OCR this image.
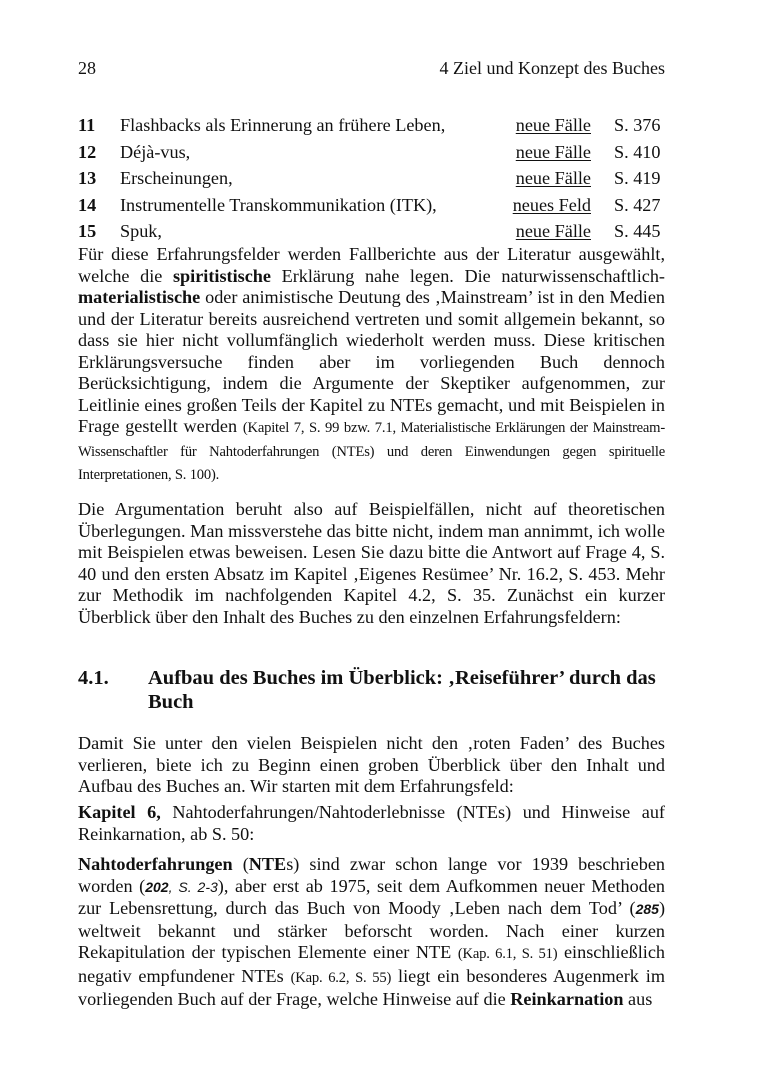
28	4 Ziel und Konzept des Buches
11 Flashbacks als Erinnerung an frühere Leben,	neue Fälle S. 376
12 Déjà-vus,	neue Fälle S. 410
13 Erscheinungen,	neue Fälle S. 419
14 Instrumentelle Transkommunikation (ITK),	neues Feld S. 427
15 Spuk,	neue Fälle S. 445

Für diese Erfahrungsfelder werden Fallberichte aus der Literatur ausgewählt, welche die spiritistische Erklärung nahe legen. Die naturwissenschaftlich-materialistische oder animistische Deutung des ‚Mainstream’ ist in den Medien und der Literatur bereits ausreichend vertreten und somit allgemein bekannt, so dass sie hier nicht vollumfänglich wiederholt werden muss. Diese kritischen Erklärungsversuche finden aber im vorliegenden Buch dennoch Berücksichtigung, indem die Argumente der Skeptiker aufgenommen, zur Leitlinie eines großen Teils der Kapitel zu NTEs gemacht, und mit Beispielen in Frage gestellt werden (Kapitel 7, S. 99 bzw. 7.1, Materialistische Erklärungen der Mainstream-Wissenschaftler für Nahtoderfahrungen (NTEs) und deren Einwendungen gegen spirituelle Interpretationen, S. 100).

Die Argumentation beruht also auf Beispielfällen, nicht auf theoretischen Überlegungen. Man missverstehe das bitte nicht, indem man annimmt, ich wolle mit Beispielen etwas beweisen. Lesen Sie dazu bitte die Antwort auf Frage 4, S. 40 und den ersten Absatz im Kapitel ‚Eigenes Resümee’ Nr. 16.2, S. 453. Mehr zur Methodik im nachfolgenden Kapitel 4.2, S. 35. Zunächst ein kurzer Überblick über den Inhalt des Buches zu den einzelnen Erfahrungsfeldern:

4.1. Aufbau des Buches im Überblick: ‚Reiseführer’ durch das Buch

Damit Sie unter den vielen Beispielen nicht den ‚roten Faden’ des Buches verlieren, biete ich zu Beginn einen groben Überblick über den Inhalt und Aufbau des Buches an. Wir starten mit dem Erfahrungsfeld:

Kapitel 6, Nahtoderfahrungen/Nahtoderlebnisse (NTEs) und Hinweise auf Reinkarnation, ab S. 50:

Nahtoderfahrungen (NTEs) sind zwar schon lange vor 1939 beschrieben worden (202, S. 2-3), aber erst ab 1975, seit dem Aufkommen neuer Methoden zur Lebensrettung, durch das Buch von Moody ‚Leben nach dem Tod’ (285) weltweit bekannt und stärker beforscht worden. Nach einer kurzen Rekapitulation der typischen Elemente einer NTE (Kap. 6.1, S. 51) einschließlich negativ empfundener NTEs (Kap. 6.2, S. 55) liegt ein besonderes Augenmerk im vorliegenden Buch auf der Frage, welche Hinweise auf die Reinkarnation aus
